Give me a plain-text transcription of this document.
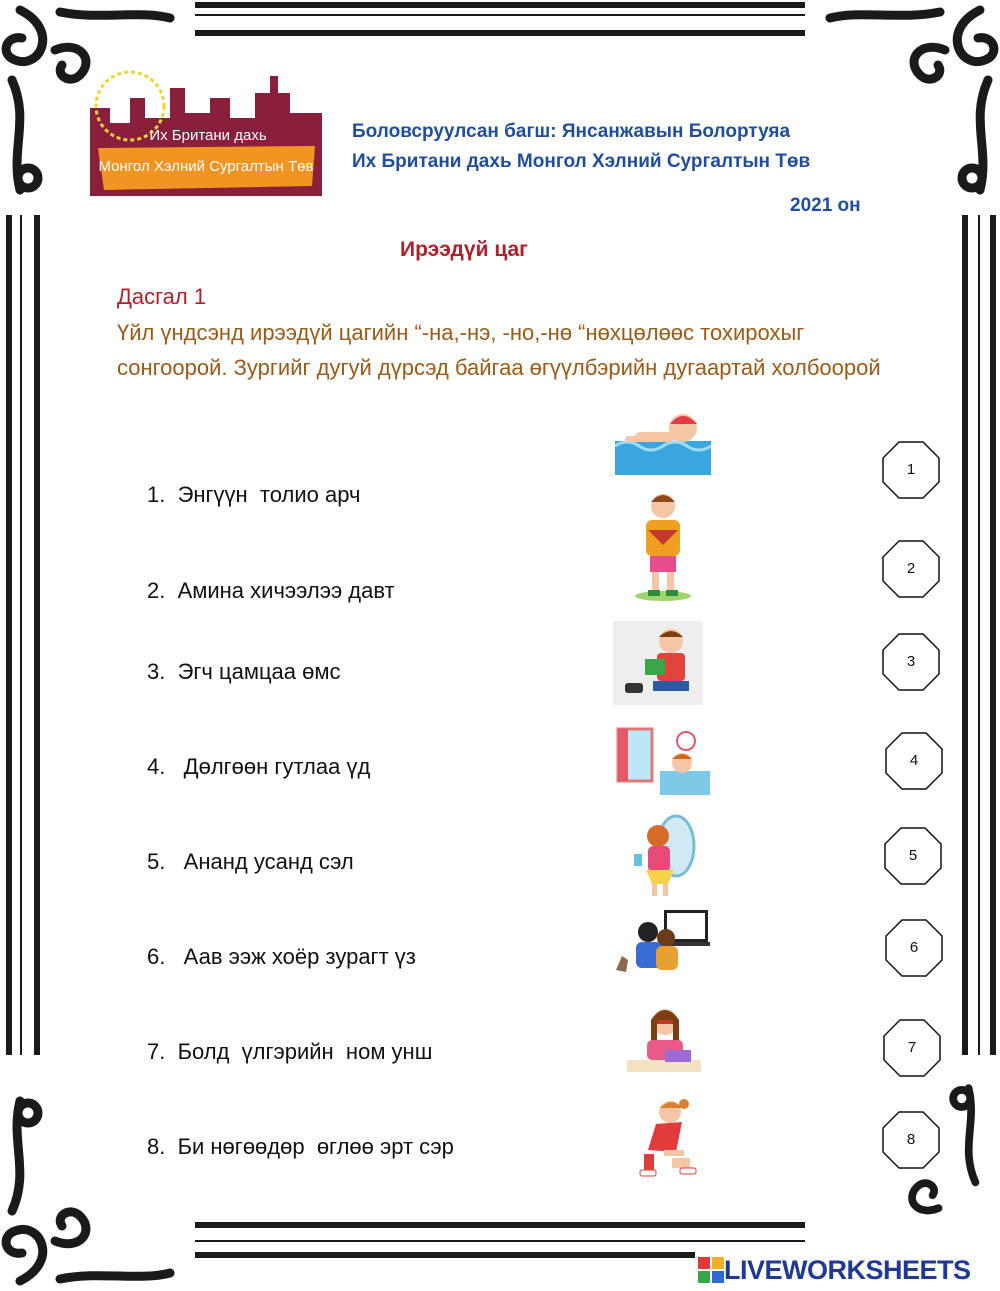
Их Британи дахь
Монгол Хэлний Сургалтын Төв
Боловсруулсан багш: Янсанжавын Болортуяа
Их Британи дахь Монгол Хэлний Сургалтын Төв
2021 он
Ирээдүй цаг
Дасгал 1
Үйл үндсэнд ирээдүй цагийн “-на,-нэ, -но,-нө “нөхцөлөөс тохирохыг сонгоорой. Зургийг дугуй дүрсэд байгаа өгүүлбэрийн дугаартай холбоорой
1.  Энгүүн  толио арч
2.  Амина хичээлээ давт
3.  Эгч цамцаа өмс
4.   Дөлгөөн гутлаа үд
5.   Ананд усанд сэл
6.   Аав ээж хоёр зурагт үз
7.  Болд  үлгэрийн  ном унш
8.  Би нөгөөдөр  өглөө эрт сэр
1
2
3
4
5
6
7
8
LIVEWORKSHEETS
